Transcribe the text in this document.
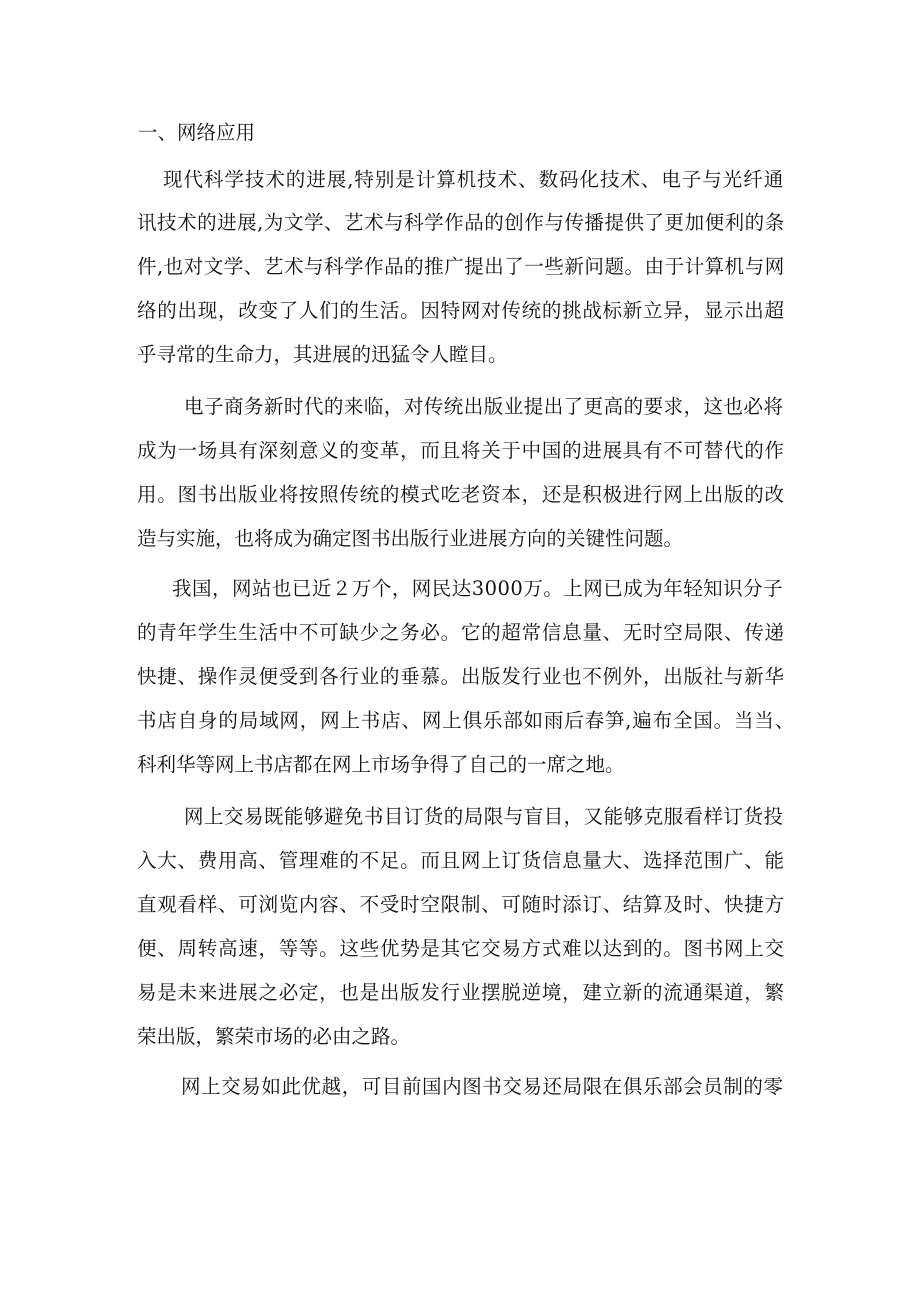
一、网络应用
现代科学技术的进展,特别是计算机技术、数码化技术、电子与光纤通
讯技术的进展,为文学、艺术与科学作品的创作与传播提供了更加便利的条
件,也对文学、艺术与科学作品的推广提出了一些新问题。由于计算机与网
络的出现，改变了人们的生活。因特网对传统的挑战标新立异，显示出超
乎寻常的生命力，其进展的迅猛令人瞠目。
电子商务新时代的来临，对传统出版业提出了更高的要求，这也必将
成为一场具有深刻意义的变革，而且将关于中国的进展具有不可替代的作
用。图书出版业将按照传统的模式吃老资本，还是积极进行网上出版的改
造与实施，也将成为确定图书出版行业进展方向的关键性问题。
我国，网站也已近２万个，网民达3000万。上网已成为年轻知识分子
的青年学生生活中不可缺少之务必。它的超常信息量、无时空局限、传递
快捷、操作灵便受到各行业的垂慕。出版发行业也不例外，出版社与新华
书店自身的局域网，网上书店、网上俱乐部如雨后春笋,遍布全国。当当、
科利华等网上书店都在网上市场争得了自己的一席之地。
网上交易既能够避免书目订货的局限与盲目，又能够克服看样订货投
入大、费用高、管理难的不足。而且网上订货信息量大、选择范围广、能
直观看样、可浏览内容、不受时空限制、可随时添订、结算及时、快捷方
便、周转高速，等等。这些优势是其它交易方式难以达到的。图书网上交
易是未来进展之必定，也是出版发行业摆脱逆境，建立新的流通渠道，繁
荣出版，繁荣市场的必由之路。
网上交易如此优越，可目前国内图书交易还局限在俱乐部会员制的零
